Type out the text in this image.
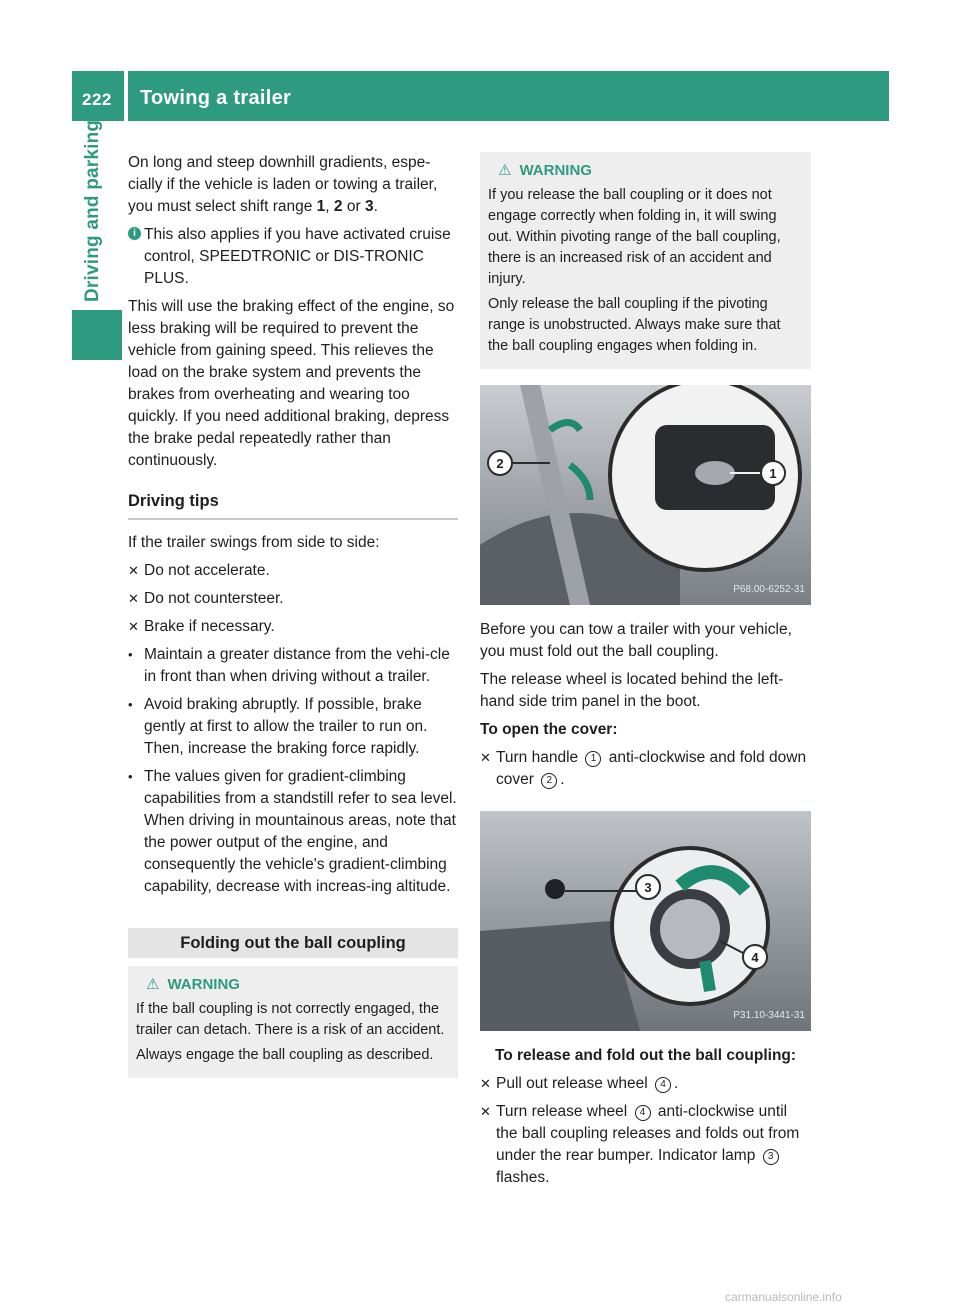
222 Towing a trailer
Driving and parking On long and steep downhill gradients, espe-cially if the vehicle is laden or towing a trailer, you must select shift range 1, 2 or 3.

i This also applies if you have activated cruise control, SPEEDTRONIC or DIS-TRONIC PLUS.

This will use the braking effect of the engine, so less braking will be required to prevent the vehicle from gaining speed. This relieves the load on the brake system and prevents the brakes from overheating and wearing too quickly. If you need additional braking, depress the brake pedal repeatedly rather than continuously.

Driving tips

If the trailer swings from side to side:

✕ Do not accelerate.
✕ Do not countersteer.
✕ Brake if necessary.
• Maintain a greater distance from the vehi-cle in front than when driving without a trailer.
• Avoid braking abruptly. If possible, brake gently at first to allow the trailer to run on. Then, increase the braking force rapidly.
• The values given for gradient-climbing capabilities from a standstill refer to sea level. When driving in mountainous areas, note that the power output of the engine, and consequently the vehicle's gradient-climbing capability, decrease with increas-ing altitude.
Folding out the ball coupling
⚠ WARNING

If the ball coupling is not correctly engaged, the trailer can detach. There is a risk of an accident.

Always engage the ball coupling as described.

⚠ WARNING

If you release the ball coupling or it does not engage correctly when folding in, it will swing out. Within pivoting range of the ball coupling, there is an increased risk of an accident and injury.

Only release the ball coupling if the pivoting range is unobstructed. Always make sure that the ball coupling engages when folding in.

1
2
P68.00-6252-31

Before you can tow a trailer with your vehicle, you must fold out the ball coupling.

The release wheel is located behind the left-hand side trim panel in the boot.

To open the cover:

✕ Turn handle 1 anti-clockwise and fold down cover 2 .
3
4
P31.10-3441-31

To release and fold out the ball coupling:

✕ Pull out release wheel 4 .
✕ Turn release wheel 4 anti-clockwise until the ball coupling releases and folds out from under the rear bumper. Indicator lamp 3 flashes.
carmanualsonline.info
